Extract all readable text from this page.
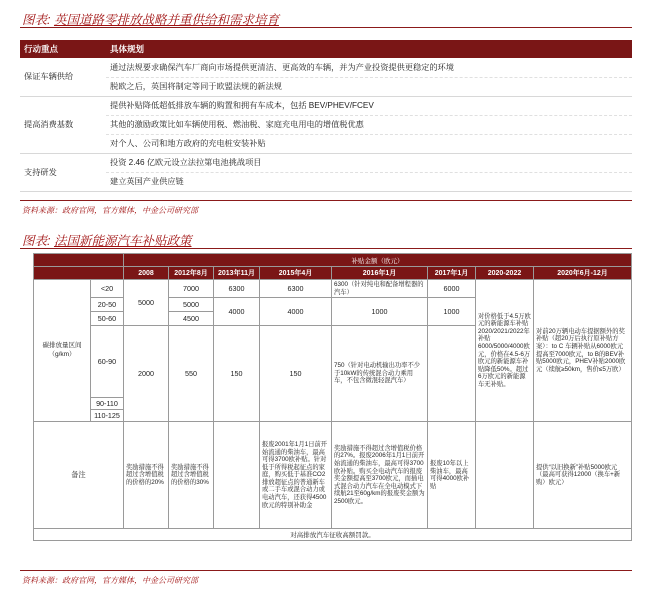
图表: 英国道路零排放战略并重供给和需求培育
行动重点	具体规划
保证车辆供给	通过法规要求确保汽车厂商向市场提供更清洁、更高效的车辆，并为产业投资提供更稳定的环境
	脱欧之后，英国将制定等同于欧盟法规的新法规
提高消费基数	提供补贴降低超低排放车辆的购置和拥有车成本，包括 BEV/PHEV/FCEV
	其他的激励政策比如车辆使用税、燃油税、家庭充电用电的增值税优惠
	对个人、公司和地方政府的充电桩安装补贴
支持研发	投资 2.46 亿欧元设立法拉第电池挑战项目
	建立英国产业供应链
资料来源：政府官网，官方媒体，中金公司研究部
图表: 法国新能源汽车补贴政策
		补贴金额（欧元）							
		2008	2012年8月	2013年11月	2015年4月	2016年1月	2017年1月	2020-2022	2020年6月-12月
碳排放量区间（g/km）	<20	5000	7000	6300	6300	6300（针对纯电和配备增程器的汽车）	6000	对价格低于4.5万欧元的新能源车补贴 2020/2021/2022年补贴 6000/5000/4000欧元，价格在4.5-6万欧元的新能源车补贴降低50%。超过6万欧元的新能源车无补贴。	对前20万辆电动车提据额外的奖补贴（超20万后执行原补贴方案）：to C 车辆补贴从6000欧元提高至7000欧元，to B的BEV补贴5000欧元，PHEV补贴2000欧元（续航≥50km，售价≤5万欧）
	20-50		5000	4000	4000	1000	1000		
	50-60		4500						
	60-90	2000	550	150	150	750（针对电动机输出功率不少于10kW的传统混合动力乘用车，不包含微混轻混汽车）			
	90-110								
	110-125								
备注		奖励措施不得超过含增值税的价格的20%	奖励措施不得超过含增值税的价格的30%		报废2001年1月1日前开始流通的柴油车，最高可得3700欧补贴。针对低于所得税起征点的家庭，购买低于基准CO2排放超征点的普通新车或二手车或混合动力或电动汽车，还获得4500欧元的特别补助金	奖励措施不得超过含增值税价格的27%。报废2006年1月1日前开始流通的柴油车，最高可得3700欧补贴。购买全电动汽车的报废奖金额提高至3700欧元，而插电式混合动力汽车在全电动模式下续航21至60g/km的报废奖金额为2500欧元。	报废10年以上柴油车，最高可得4000欧补贴		提供“以旧换新”补贴5000欧元（最高可获得12000（换车+新购）欧元）
对高排放汽车征收高额罚款。									
资料来源：政府官网，官方媒体，中金公司研究部
